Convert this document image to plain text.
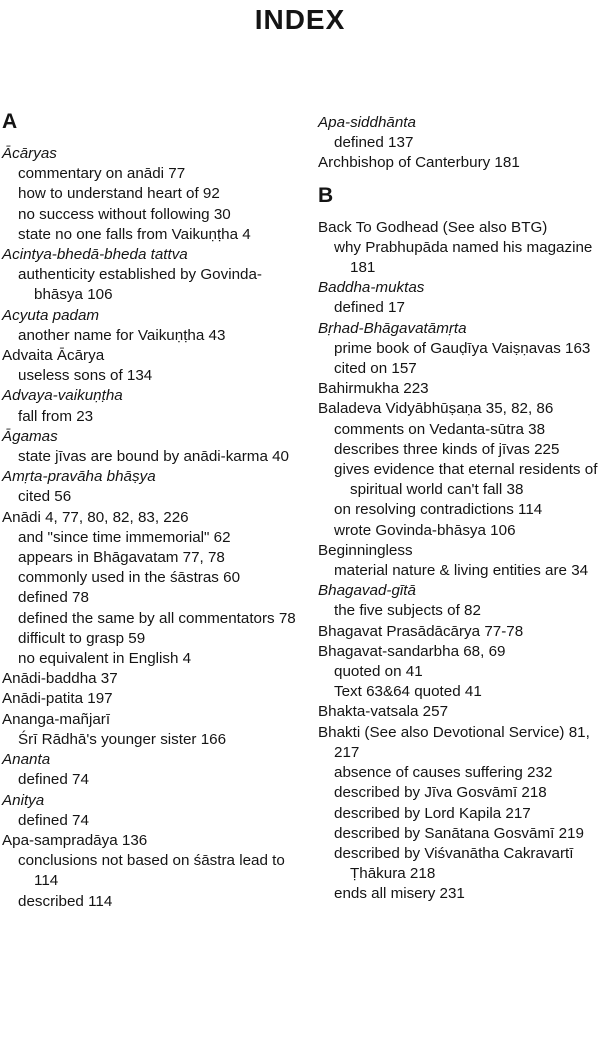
INDEX
A
Ācāryas
commentary on anādi 77
how to understand heart of 92
no success without following 30
state no one falls from Vaikuṇṭha 4
Acintya-bhedā-bheda tattva
authenticity established by Govinda-bhāsya 106
Acyuta padam
another name for Vaikuṇṭha 43
Advaita Ācārya
useless sons of 134
Advaya-vaikuṇṭha
fall from 23
Āgamas
state jīvas are bound by anādi-karma 40
Amṛta-pravāha bhāṣya
cited 56
Anādi 4, 77, 80, 82, 83, 226
and "since time immemorial" 62
appears in Bhāgavatam 77, 78
commonly used in the śāstras 60
defined 78
defined the same by all commentators 78
difficult to grasp 59
no equivalent in English 4
Anādi-baddha 37
Anādi-patita 197
Ananga-mañjarī
Śrī Rādhā's younger sister 166
Ananta
defined 74
Anitya
defined 74
Apa-sampradāya 136
conclusions not based on śāstra lead to 114
described 114
Apa-siddhānta
defined 137
Archbishop of Canterbury 181
B
Back To Godhead (See also BTG)
why Prabhupāda named his magazine 181
Baddha-muktas
defined 17
Bṛhad-Bhāgavatāmṛta
prime book of Gauḍīya Vaiṣṇavas 163
cited on 157
Bahirmukha 223
Baladeva Vidyābhūṣaṇa 35, 82, 86
comments on Vedanta-sūtra 38
describes three kinds of jīvas 225
gives evidence that eternal residents of spiritual world can't fall 38
on resolving contradictions 114
wrote Govinda-bhāsya 106
Beginningless
material nature & living entities are 34
Bhagavad-gītā
the five subjects of 82
Bhagavat Prasādācārya 77-78
Bhagavat-sandarbha 68, 69
quoted on 41
Text 63&64 quoted 41
Bhakta-vatsala 257
Bhakti (See also Devotional Service) 81, 217
absence of causes suffering 232
described by Jīva Gosvāmī 218
described by Lord Kapila 217
described by Sanātana Gosvāmī 219
described by Viśvanātha Cakravartī Ṭhākura 218
ends all misery 231
